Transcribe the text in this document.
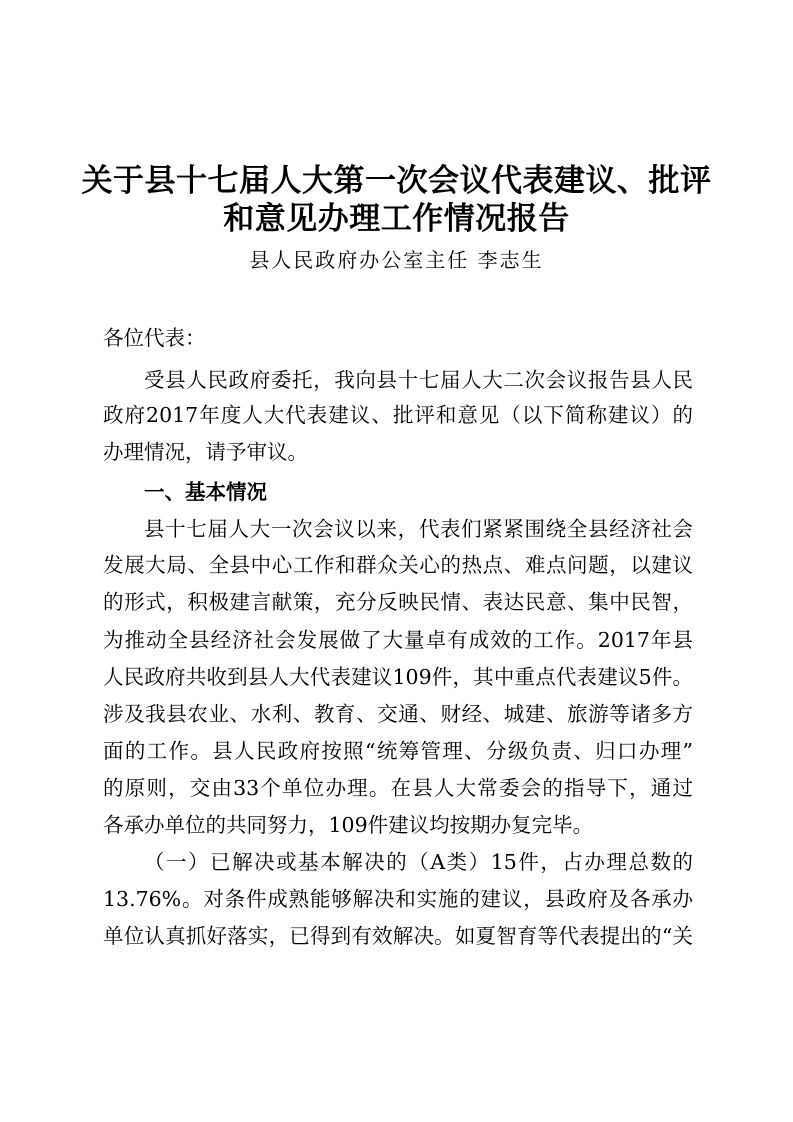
关于县十七届人大第一次会议代表建议、批评
和意见办理工作情况报告
县人民政府办公室主任 李志生
各位代表：
受县人民政府委托，我向县十七届人大二次会议报告县人民
政府2017年度人大代表建议、批评和意见（以下简称建议）的
办理情况，请予审议。
一、基本情况
县十七届人大一次会议以来，代表们紧紧围绕全县经济社会
发展大局、全县中心工作和群众关心的热点、难点问题，以建议
的形式，积极建言献策，充分反映民情、表达民意、集中民智，
为推动全县经济社会发展做了大量卓有成效的工作。2017年县
人民政府共收到县人大代表建议109件，其中重点代表建议5件。
涉及我县农业、水利、教育、交通、财经、城建、旅游等诸多方
面的工作。县人民政府按照“统筹管理、分级负责、归口办理”
的原则，交由33个单位办理。在县人大常委会的指导下，通过
各承办单位的共同努力，109件建议均按期办复完毕。
（一）已解决或基本解决的（A类）15件，占办理总数的
13.76%。对条件成熟能够解决和实施的建议，县政府及各承办
单位认真抓好落实，已得到有效解决。如夏智育等代表提出的“关
